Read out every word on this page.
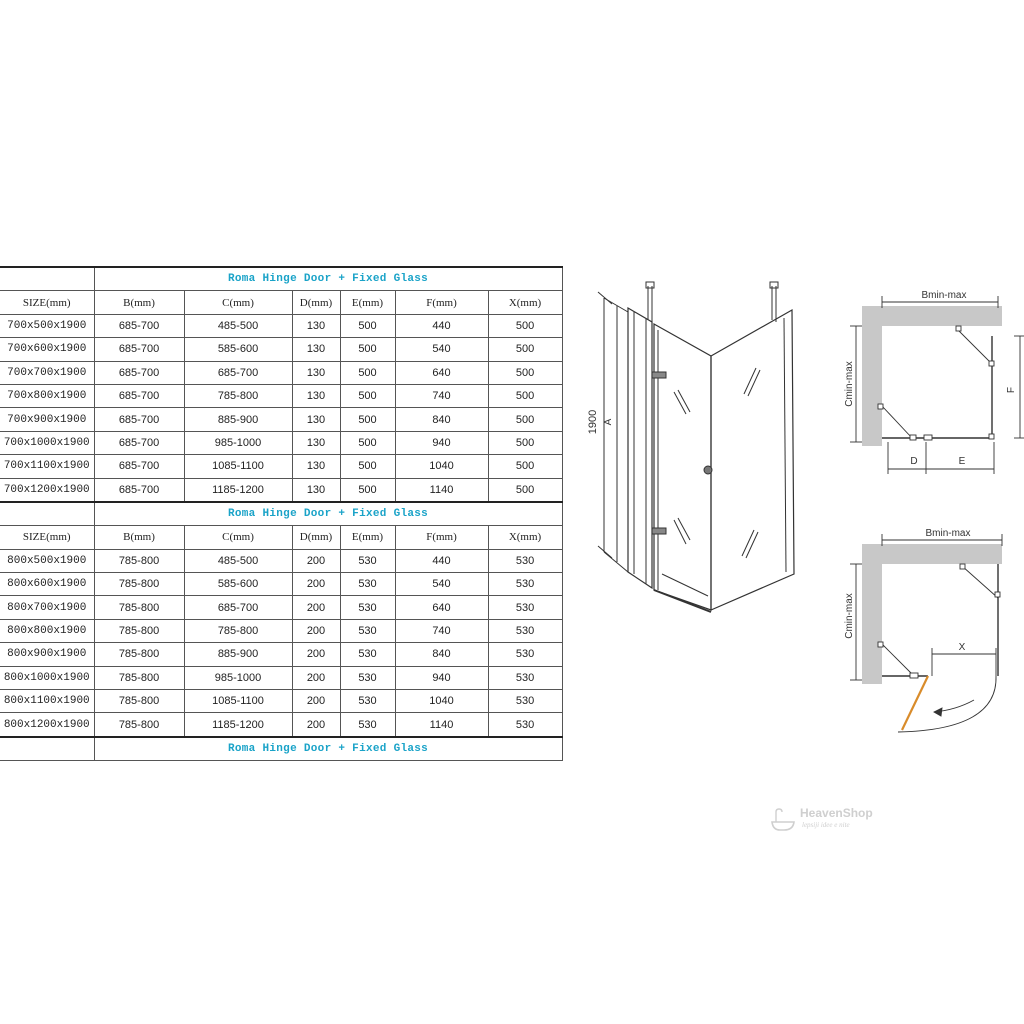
	Roma Hinge Door + Fixed Glass					
SIZE(mm)	B(mm)	C(mm)	D(mm)	E(mm)	F(mm)	X(mm)
700x500x1900	685-700	485-500	130	500	440	500
700x600x1900	685-700	585-600	130	500	540	500
700x700x1900	685-700	685-700	130	500	640	500
700x800x1900	685-700	785-800	130	500	740	500
700x900x1900	685-700	885-900	130	500	840	500
700x1000x1900	685-700	985-1000	130	500	940	500
700x1100x1900	685-700	1085-1100	130	500	1040	500
700x1200x1900	685-700	1185-1200	130	500	1140	500
	Roma Hinge Door + Fixed Glass					
SIZE(mm)	B(mm)	C(mm)	D(mm)	E(mm)	F(mm)	X(mm)
800x500x1900	785-800	485-500	200	530	440	530
800x600x1900	785-800	585-600	200	530	540	530
800x700x1900	785-800	685-700	200	530	640	530
800x800x1900	785-800	785-800	200	530	740	530
800x900x1900	785-800	885-900	200	530	840	530
800x1000x1900	785-800	985-1000	200	530	940	530
800x1100x1900	785-800	1085-1100	200	530	1040	530
800x1200x1900	785-800	1185-1200	200	530	1140	530
	Roma Hinge Door + Fixed Glass					
1900 A
Bmin-max
Cmin-max	F
D	E
Bmin-max
Cmin-max
X
HeavenShop
lepsiji idee e nite
